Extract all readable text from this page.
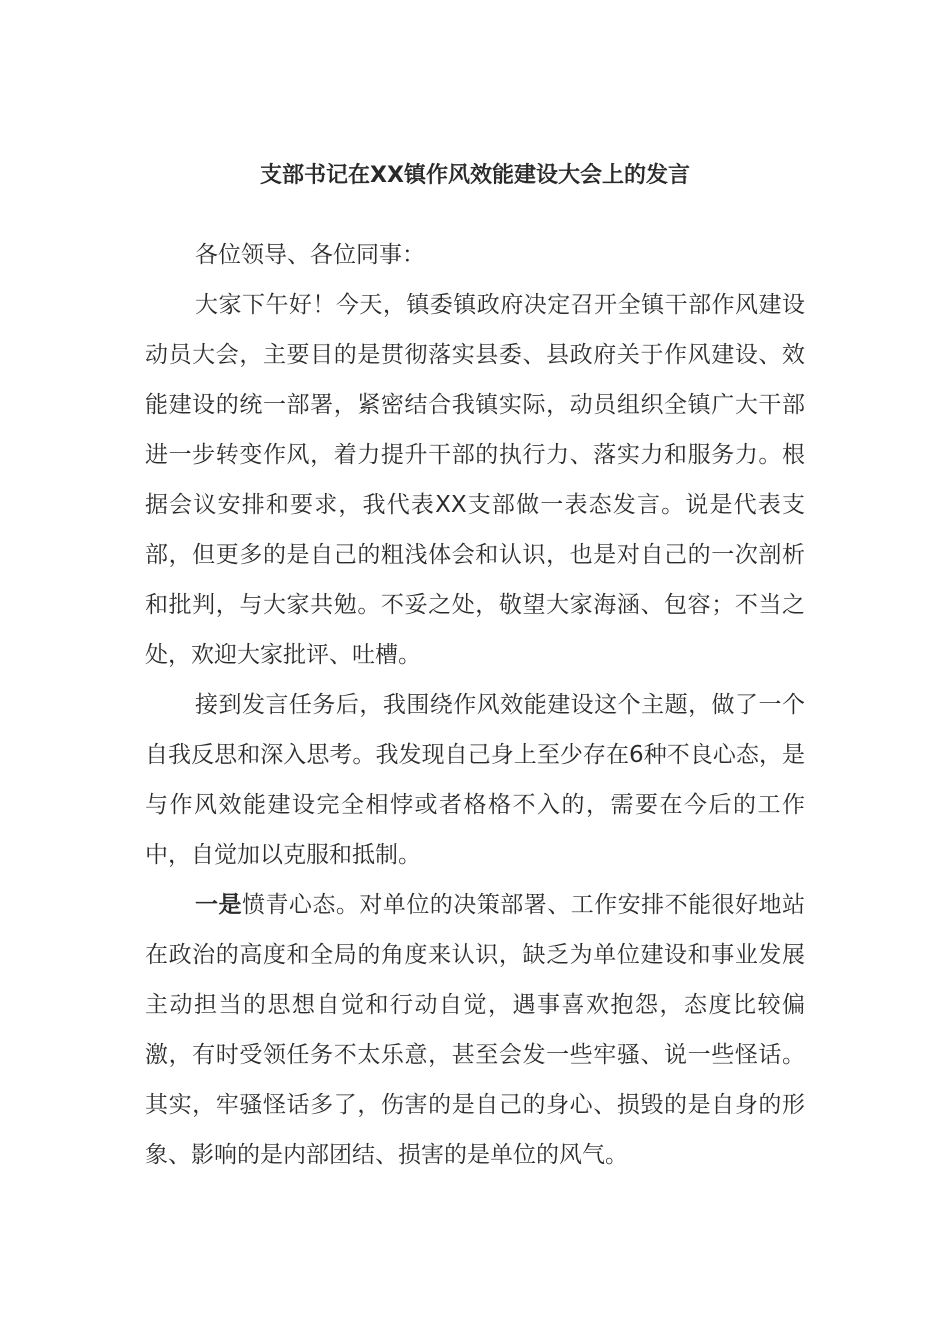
支部书记在XX镇作风效能建设大会上的发言

各位领导、各位同事：

大家下午好！今天，镇委镇政府决定召开全镇干部作风建设动员大会，主要目的是贯彻落实县委、县政府关于作风建设、效能建设的统一部署，紧密结合我镇实际，动员组织全镇广大干部进一步转变作风，着力提升干部的执行力、落实力和服务力。根据会议安排和要求，我代表XX支部做一表态发言。说是代表支部，但更多的是自己的粗浅体会和认识，也是对自己的一次剖析和批判，与大家共勉。不妥之处，敬望大家海涵、包容；不当之处，欢迎大家批评、吐槽。

接到发言任务后，我围绕作风效能建设这个主题，做了一个自我反思和深入思考。我发现自己身上至少存在6种不良心态，是与作风效能建设完全相悖或者格格不入的，需要在今后的工作中，自觉加以克服和抵制。

一是愤青心态。对单位的决策部署、工作安排不能很好地站在政治的高度和全局的角度来认识，缺乏为单位建设和事业发展主动担当的思想自觉和行动自觉，遇事喜欢抱怨，态度比较偏激，有时受领任务不太乐意，甚至会发一些牢骚、说一些怪话。其实，牢骚怪话多了，伤害的是自己的身心、损毁的是自身的形象、影响的是内部团结、损害的是单位的风气。
